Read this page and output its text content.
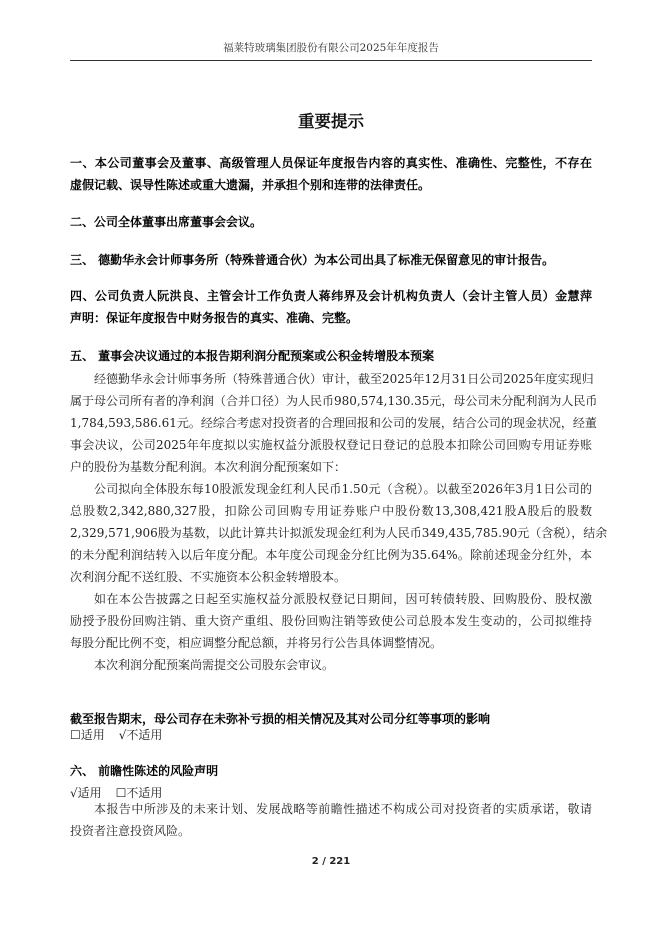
福莱特玻璃集团股份有限公司2025年年度报告
重要提示
一、本公司董事会及董事、高级管理人员保证年度报告内容的真实性、准确性、完整性，不存在
虚假记载、误导性陈述或重大遗漏，并承担个别和连带的法律责任。
二、公司全体董事出席董事会会议。
三、 德勤华永会计师事务所（特殊普通合伙）为本公司出具了标准无保留意见的审计报告。
四、公司负责人阮洪良、主管会计工作负责人蒋纬界及会计机构负责人（会计主管人员）金慧萍
声明：保证年度报告中财务报告的真实、准确、完整。
五、 董事会决议通过的本报告期利润分配预案或公积金转增股本预案
经德勤华永会计师事务所（特殊普通合伙）审计，截至2025年12月31日公司2025年度实现归
属于母公司所有者的净利润（合并口径）为人民币980,574,130.35元，母公司未分配利润为人民币
1,784,593,586.61元。经综合考虑对投资者的合理回报和公司的发展，结合公司的现金状况，经董
事会决议，公司2025年年度拟以实施权益分派股权登记日登记的总股本扣除公司回购专用证券账
户的股份为基数分配利润。本次利润分配预案如下：
公司拟向全体股东每10股派发现金红利人民币1.50元（含税）。以截至2026年3月1日公司的
总股数2,342,880,327股，扣除公司回购专用证券账户中股份数13,308,421股A股后的股数
2,329,571,906股为基数，以此计算共计拟派发现金红利为人民币349,435,785.90元（含税），结余
的未分配利润结转入以后年度分配。本年度公司现金分红比例为35.64%。除前述现金分红外，本
次利润分配不送红股、不实施资本公积金转增股本。
如在本公告披露之日起至实施权益分派股权登记日期间，因可转债转股、回购股份、股权激
励授予股份回购注销、重大资产重组、股份回购注销等致使公司总股本发生变动的，公司拟维持
每股分配比例不变，相应调整分配总额，并将另行公告具体调整情况。
本次利润分配预案尚需提交公司股东会审议。
截至报告期末，母公司存在未弥补亏损的相关情况及其对公司分红等事项的影响
☐适用 √不适用
六、 前瞻性陈述的风险声明
√适用 ☐不适用
本报告中所涉及的未来计划、发展战略等前瞻性描述不构成公司对投资者的实质承诺，敬请
投资者注意投资风险。
2 / 221
